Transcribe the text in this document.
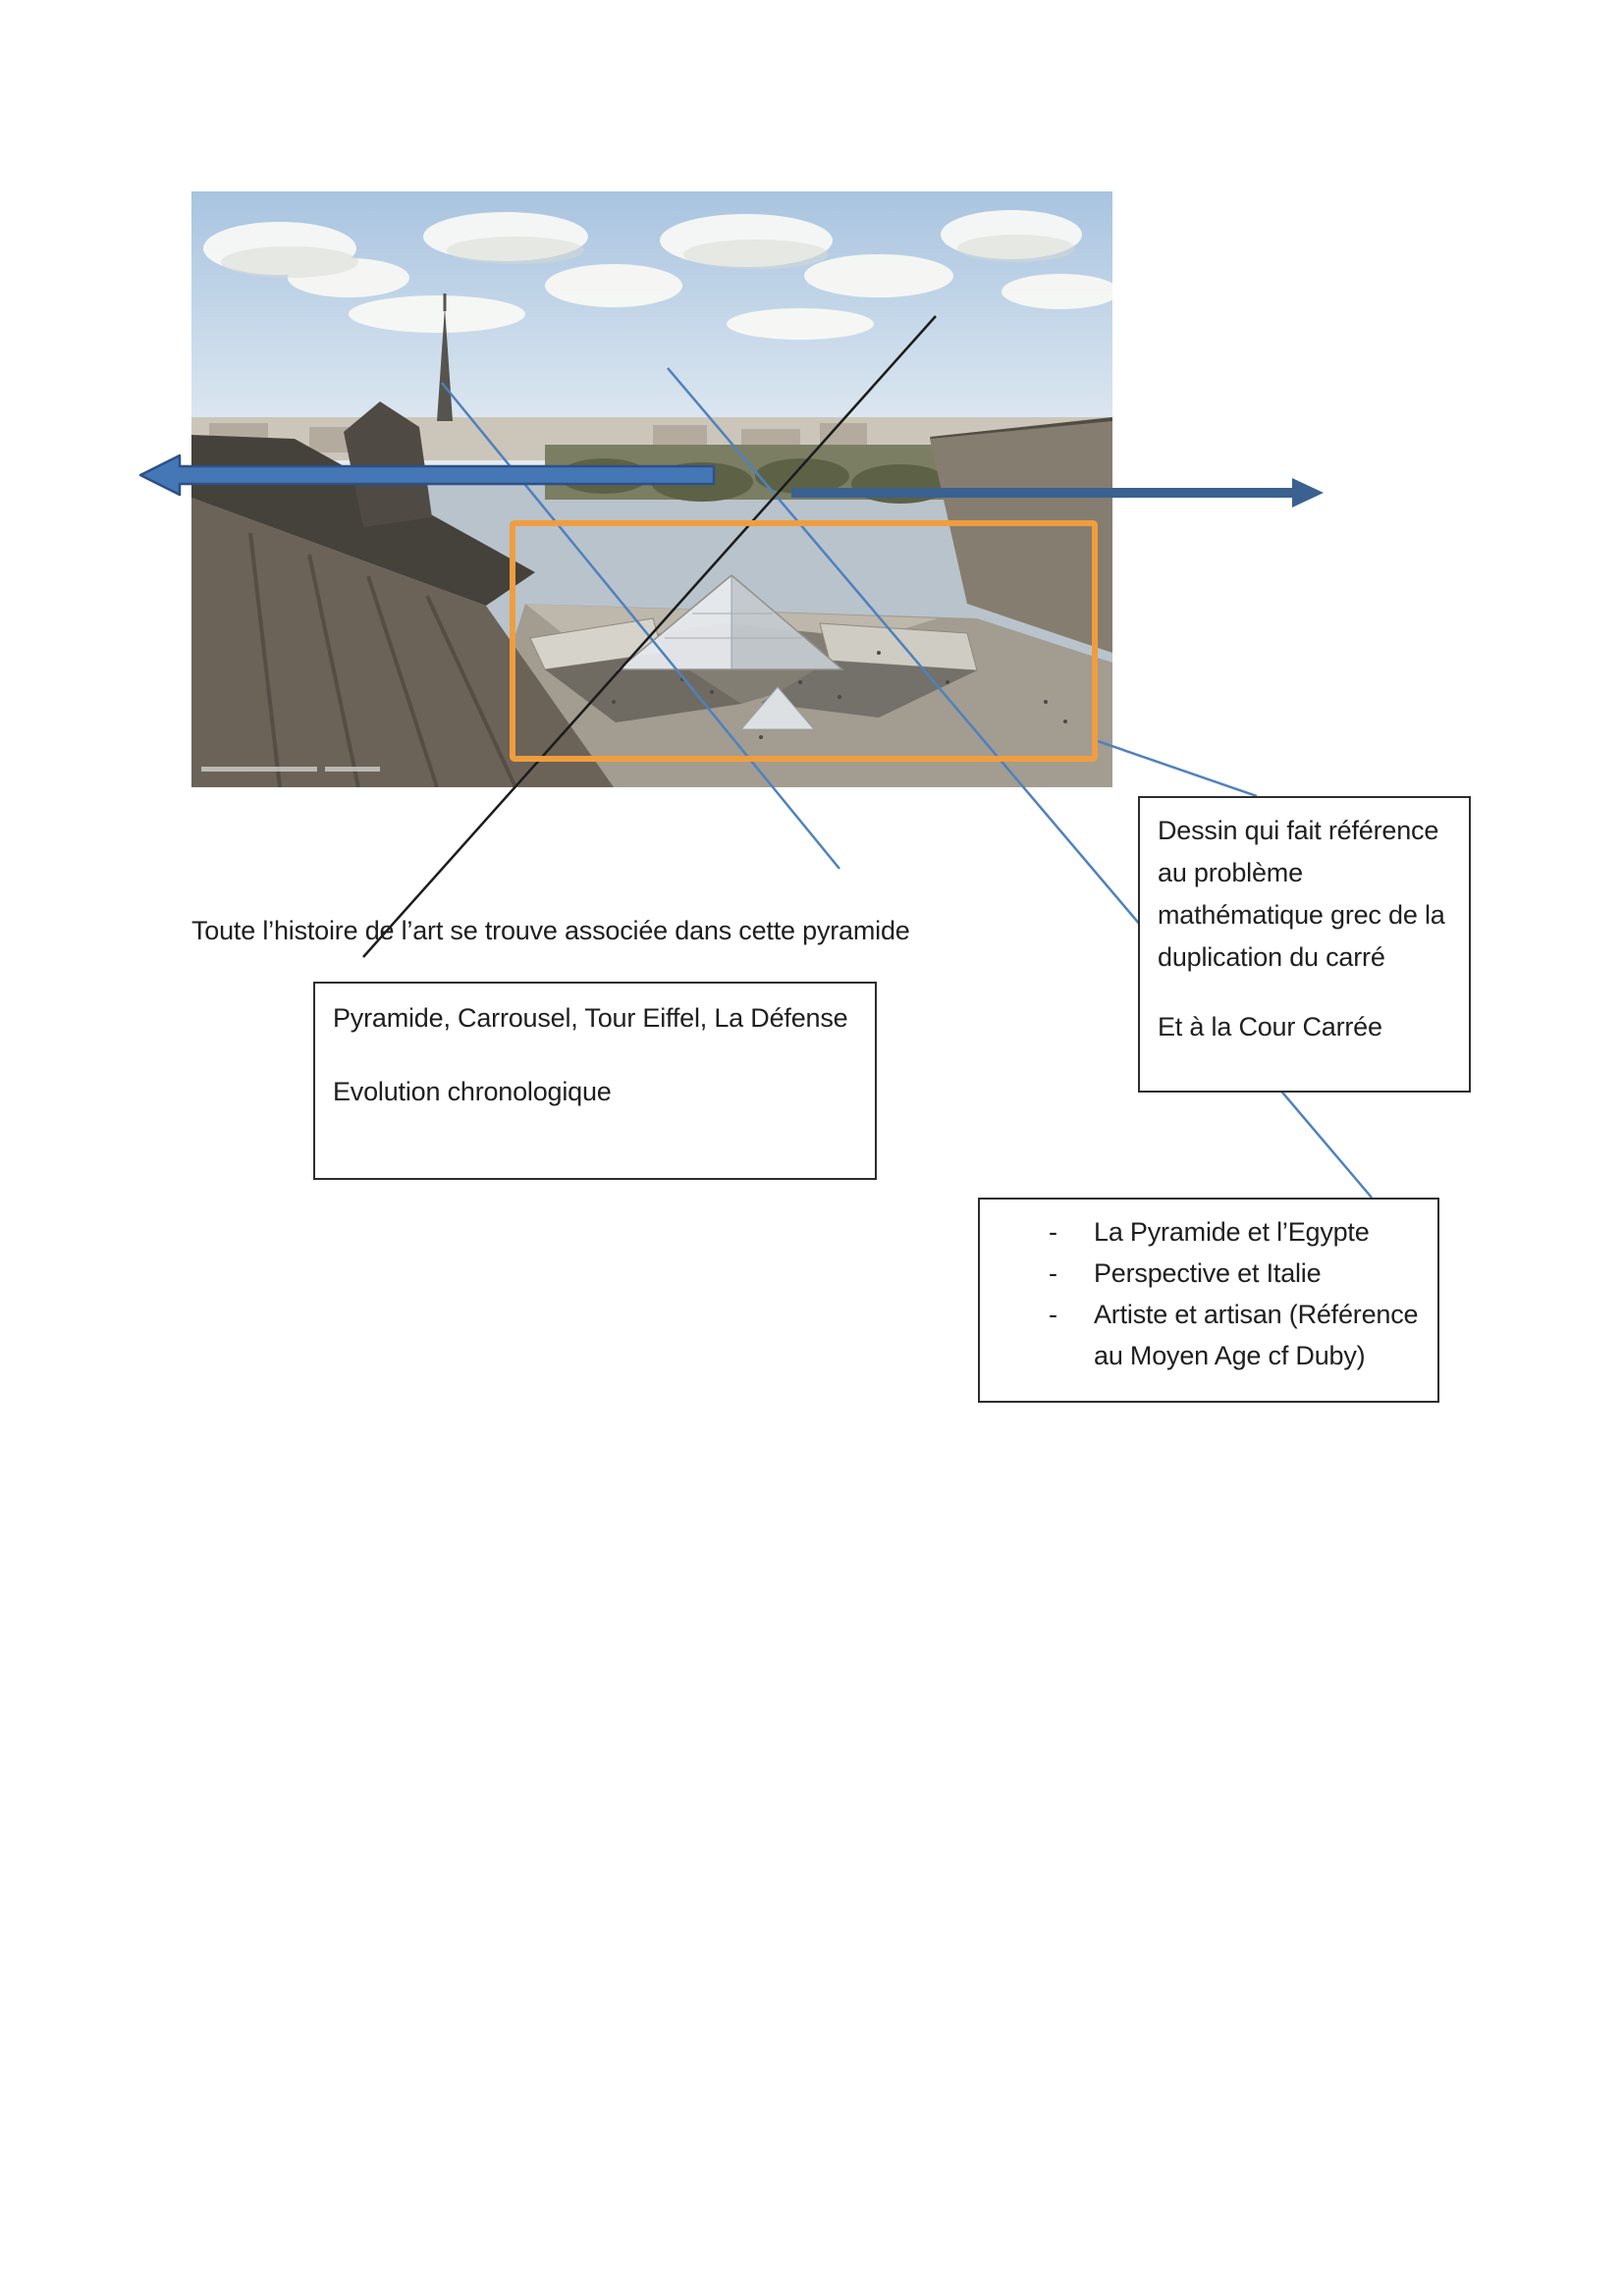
Toute l’histoire de l’art se trouve associée dans cette pyramide

Pyramide, Carrousel, Tour Eiffel, La Défense

Evolution chronologique

Dessin qui fait référence au problème mathématique grec de la duplication du carré

Et à la Cour Carrée

-	La Pyramide et l’Egypte
-	Perspective et Italie
-	Artiste et artisan (Référence au Moyen Age cf Duby)
